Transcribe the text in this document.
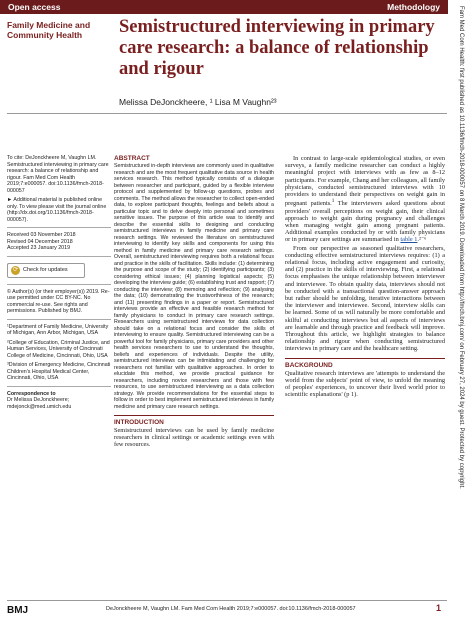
Open access	Methodology	Fam Med Com Health: first published as 10.1136/fmch-2018-000057 on 8 March 2019. Downloaded from http://fmch.bmj.com/ on February 27, 2024 by guest. Protected by copyright.
Family Medicine and Community Health	Semistructured interviewing in primary care research: a balance of relationship and rigour
Melissa DeJonckheere, ¹ Lisa M Vaughn²³

To cite: DeJonckheere M, Vaughn LM. Semistructured interviewing in primary care research: a balance of relationship and rigour. Fam Med Com Health 2019;7:e000057. doi:10.1136/fmch-2018-000057

► Additional material is published online only. To view please visit the journal online (http://dx.doi.org/10.1136/fmch-2018-000057).

Received 03 November 2018
Revised 04 December 2018
Accepted 23 January 2019
⟳ Check for updates

© Author(s) (or their employer(s)) 2019. Re-use permitted under CC BY-NC. No commercial re-use. See rights and permissions. Published by BMJ.

¹Department of Family Medicine, University of Michigan, Ann Arbor, Michigan, USA

²College of Education, Criminal Justice, and Human Services, University of Cincinnati College of Medicine, Cincinnati, Ohio, USA

³Division of Emergency Medicine, Cincinnati Children's Hospital Medical Center, Cincinnati, Ohio, USA

Correspondence to

Dr Melissa DeJonckheere; mdejonck@med.umich.edu

ABSTRACT
Semistructured in-depth interviews are commonly used in qualitative research and are the most frequent qualitative data source in health services research. This method typically consists of a dialogue between researcher and participant, guided by a flexible interview protocol and supplemented by follow-up questions, probes and comments. The method allows the researcher to collect open-ended data, to explore participant thoughts, feelings and beliefs about a particular topic and to delve deeply into personal and sometimes sensitive issues. The purpose of this article was to identify and describe the essential skills to designing and conducting semistructured interviews in family medicine and primary care research settings. We reviewed the literature on semistructured interviewing to identify key skills and components for using this method in family medicine and primary care research settings. Overall, semistructured interviewing requires both a relational focus and practice in the skills of facilitation. Skills include: (1) determining the purpose and scope of the study; (2) identifying participants; (3) considering ethical issues; (4) planning logistical aspects; (5) developing the interview guide; (6) establishing trust and rapport; (7) conducting the interview; (8) memoing and reflection; (9) analysing the data; (10) demonstrating the trustworthiness of the research; and (11) presenting findings in a paper or report. Semistructured interviews provide an effective and feasible research method for family physicians to conduct in primary care research settings. Researchers using semistructured interviews for data collection should take on a relational focus and consider the skills of interviewing to ensure quality. Semistructured interviewing can be a powerful tool for family physicians, primary care providers and other health services researchers to use to understand the thoughts, beliefs and experiences of individuals. Despite the utility, semistructured interviews can be intimidating and challenging for researchers not familiar with qualitative approaches. In order to elucidate this method, we provide practical guidance for researchers, including novice researchers and those with few resources, to use semistructured interviewing as a data collection strategy. We provide recommendations for the essential steps to follow in order to best implement semistructured interviews in family medicine and primary care research settings.
INTRODUCTION
Semistructured interviews can be used by family medicine researchers in clinical settings or academic settings even with few resources.

In contrast to large-scale epidemiological studies, or even surveys, a family medicine researcher can conduct a highly meaningful project with interviews with as few as 8–12 participants. For example, Chang and her colleagues, all family physicians, conducted semistructured interviews with 10 providers to understand their perspectives on weight gain in pregnant patients.$^1$ The interviewers asked questions about providers' overall perceptions on weight gain, their clinical approach to weight gain during pregnancy and challenges when managing weight gain among pregnant patients. Additional examples conducted by or with family physicians or in primary care settings are summarised in table 1.²⁻⁶

From our perspective as seasoned qualitative researchers, conducting effective semistructured interviews requires: (1) a relational focus, including active engagement and curiosity, and (2) practice in the skills of interviewing. First, a relational focus emphasises the unique relationship between interviewer and interviewee. To obtain quality data, interviews should not be conducted with a transactional question-answer approach but rather should be unfolding, iterative interactions between the interviewer and interviewee. Second, interview skills can be learned. Some of us will naturally be more comfortable and skilful at conducting interviews but all aspects of interviews are learnable and through practice and feedback will improve. Throughout this article, we highlight strategies to balance relationship and rigour when conducting semistructured interviews in primary care and the healthcare setting.

BACKGROUND

Qualitative research interviews are 'attempts to understand the world from the subjects' point of view, to unfold the meaning of peoples' experiences, to uncover their lived world prior to scientific explanations' (p 1).

BMJ	DeJonckheere M, Vaughn LM. Fam Med Com Health 2019;7:e000057. doi:10.1136/fmch-2018-000057	1
